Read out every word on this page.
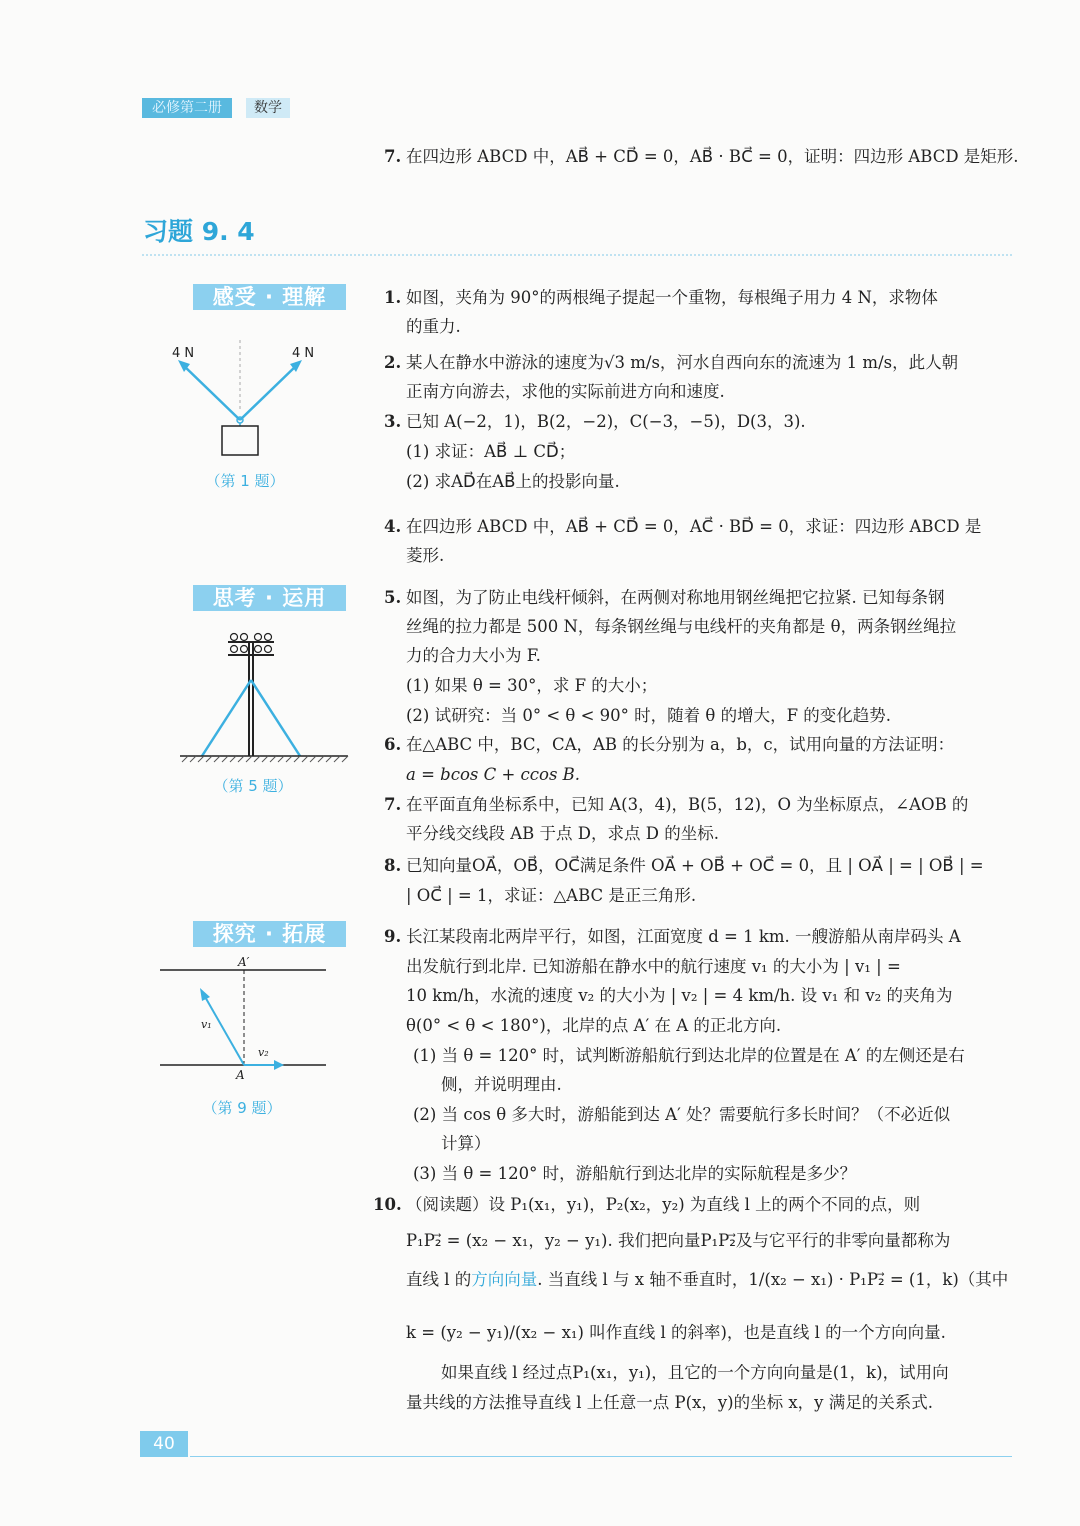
必修第二册	数学
7. 在四边形 ABCD 中，AB⃗ + CD⃗ = 0，AB⃗ · BC⃗ = 0，证明：四边形 ABCD 是矩形.
习题 9. 4
感受 · 理解
思考 · 运用
探究 · 拓展
4 N	4 N
（第 1 题）
（第 5 题）
A′
v₁
v₂
A
（第 9 题）
1. 如图，夹角为 90°的两根绳子提起一个重物，每根绳子用力 4 N，求物体
的重力.
2. 某人在静水中游泳的速度为√3 m/s，河水自西向东的流速为 1 m/s，此人朝
正南方向游去，求他的实际前进方向和速度.
3. 已知 A(−2，1)，B(2，−2)，C(−3，−5)，D(3，3).
(1) 求证：AB⃗ ⊥ CD⃗；
(2) 求AD⃗在AB⃗上的投影向量.
4. 在四边形 ABCD 中，AB⃗ + CD⃗ = 0，AC⃗ · BD⃗ = 0，求证：四边形 ABCD 是
菱形.
5. 如图，为了防止电线杆倾斜，在两侧对称地用钢丝绳把它拉紧. 已知每条钢
丝绳的拉力都是 500 N，每条钢丝绳与电线杆的夹角都是 θ，两条钢丝绳拉
力的合力大小为 F.
(1) 如果 θ = 30°，求 F 的大小；
(2) 试研究：当 0° < θ < 90° 时，随着 θ 的增大，F 的变化趋势.
6. 在△ABC 中，BC，CA，AB 的长分别为 a，b，c，试用向量的方法证明：
a = bcos C + ccos B.
7. 在平面直角坐标系中，已知 A(3，4)，B(5，12)，O 为坐标原点，∠AOB 的
平分线交线段 AB 于点 D，求点 D 的坐标.
8. 已知向量OA⃗，OB⃗，OC⃗满足条件 OA⃗ + OB⃗ + OC⃗ = 0，且 | OA⃗ | = | OB⃗ | =
| OC⃗ | = 1，求证：△ABC 是正三角形.
9. 长江某段南北两岸平行，如图，江面宽度 d = 1 km. 一艘游船从南岸码头 A
出发航行到北岸. 已知游船在静水中的航行速度 v₁ 的大小为 | v₁ | =
10 km/h，水流的速度 v₂ 的大小为 | v₂ | = 4 km/h. 设 v₁ 和 v₂ 的夹角为
θ(0° < θ < 180°)，北岸的点 A′ 在 A 的正北方向.
(1) 当 θ = 120° 时，试判断游船航行到达北岸的位置是在 A′ 的左侧还是右
侧，并说明理由.
(2) 当 cos θ 多大时，游船能到达 A′ 处？需要航行多长时间？（不必近似
计算）
(3) 当 θ = 120° 时，游船航行到达北岸的实际航程是多少？
10. （阅读题）设 P₁(x₁，y₁)，P₂(x₂，y₂) 为直线 l 上的两个不同的点，则
P₁P₂⃗ = (x₂ − x₁，y₂ − y₁). 我们把向量P₁P₂⃗及与它平行的非零向量都称为
直线 l 的方向向量. 当直线 l 与 x 轴不垂直时，1/(x₂ − x₁) · P₁P₂⃗ = (1，k)（其中
k = (y₂ − y₁)/(x₂ − x₁) 叫作直线 l 的斜率)，也是直线 l 的一个方向向量.
如果直线 l 经过点P₁(x₁，y₁)，且它的一个方向向量是(1，k)，试用向
量共线的方法推导直线 l 上任意一点 P(x，y)的坐标 x，y 满足的关系式.
40
